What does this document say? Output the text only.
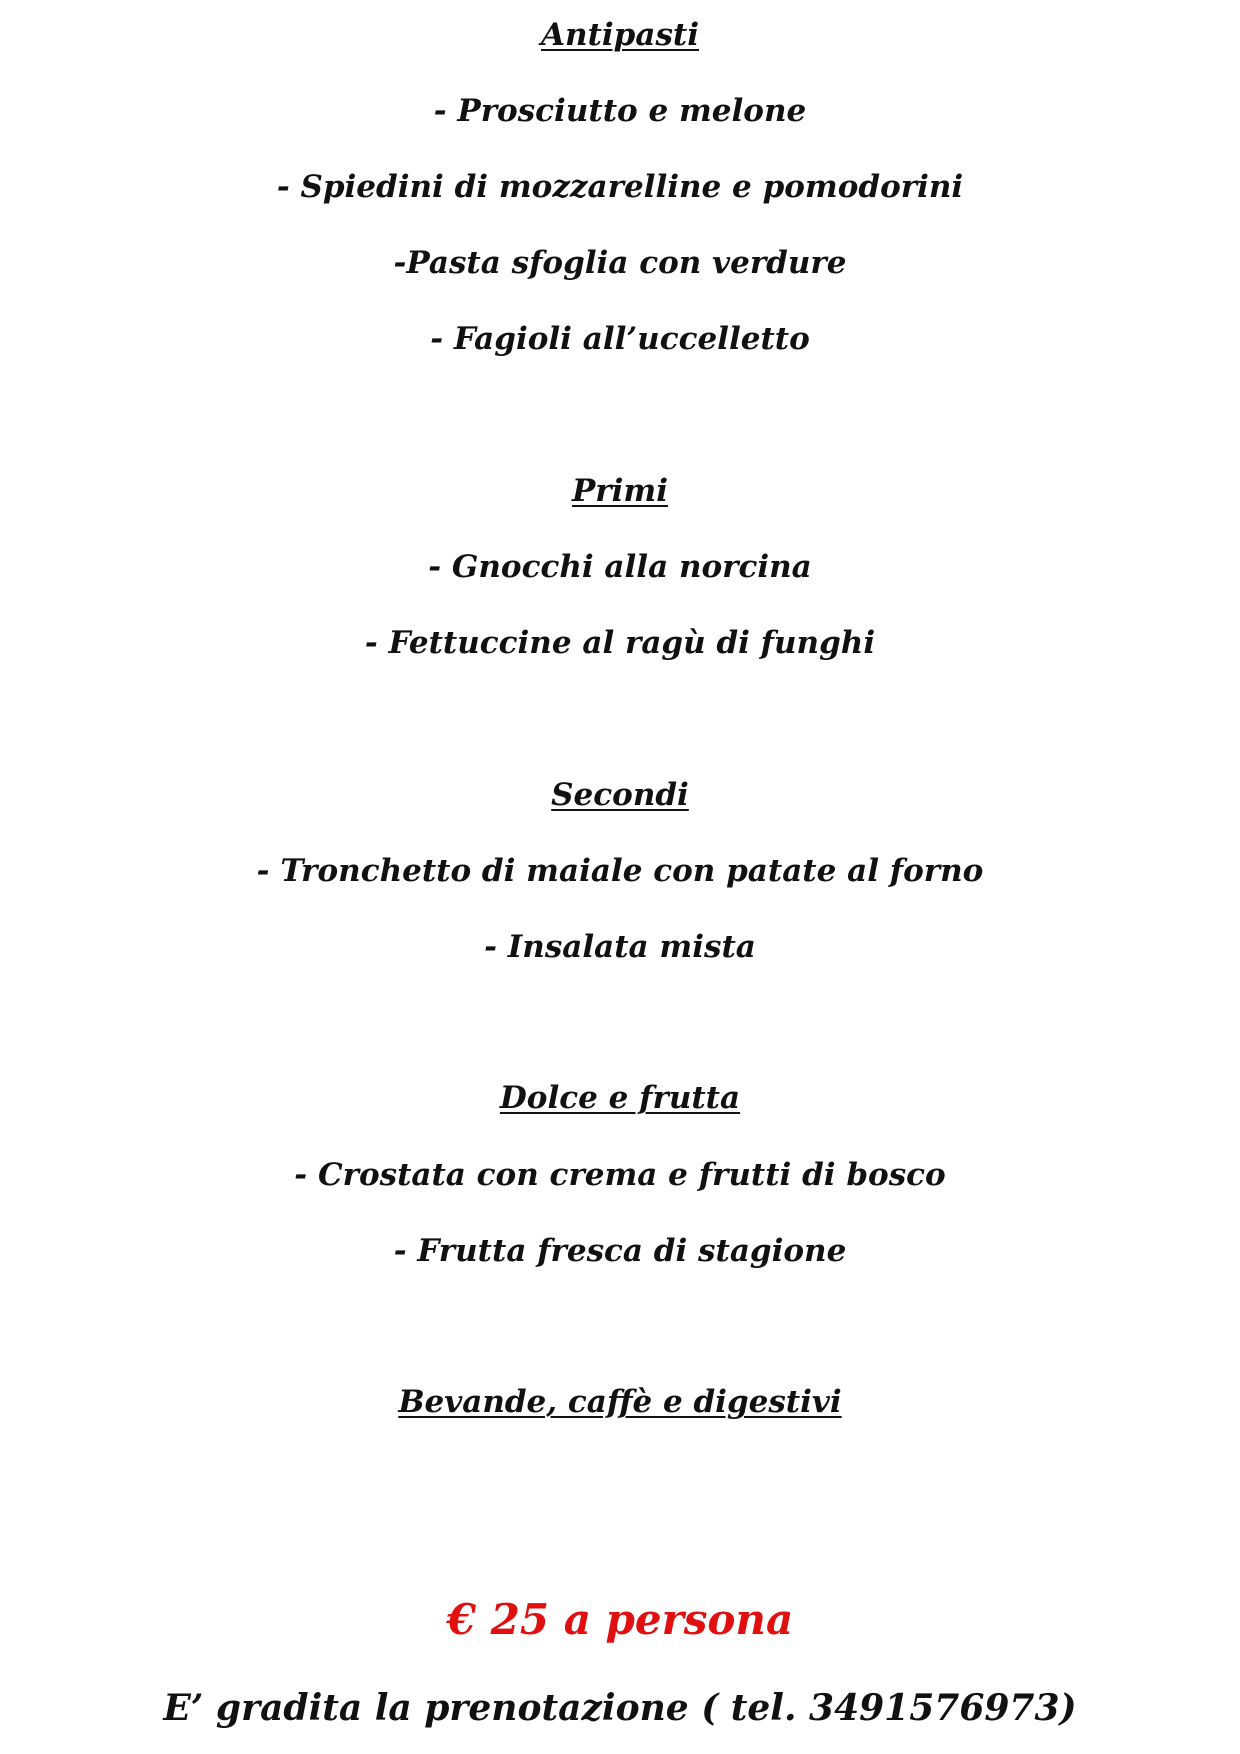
Antipasti
- Prosciutto e melone
- Spiedini di mozzarelline e pomodorini
-Pasta sfoglia con verdure
- Fagioli all’uccelletto
Primi
- Gnocchi alla norcina
- Fettuccine al ragù di funghi
Secondi
- Tronchetto di maiale con patate al forno
- Insalata mista
Dolce e frutta
- Crostata con crema e frutti di bosco
- Frutta fresca di stagione
Bevande, caffè e digestivi
€ 25 a persona
E’ gradita la prenotazione ( tel. 3491576973)
